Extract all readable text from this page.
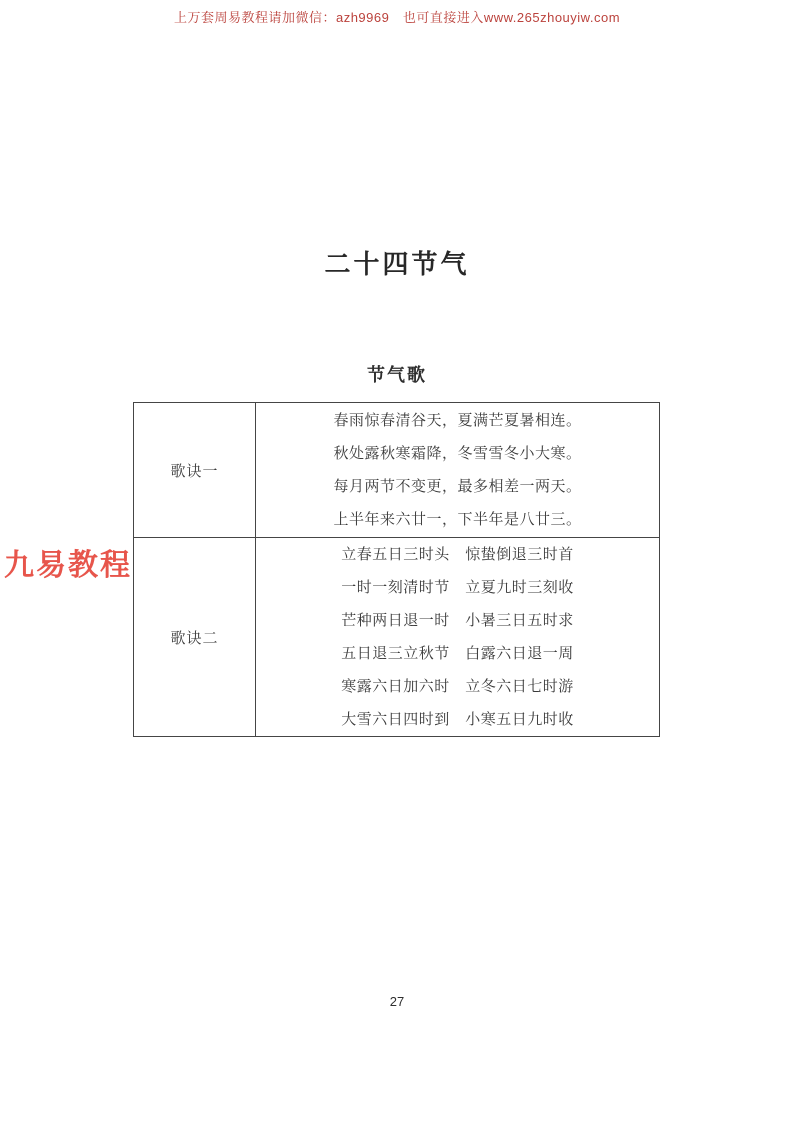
上万套周易教程请加微信：azh9969　也可直接进入www.265zhouyiw.com
二十四节气
节气歌
歌诀一

春雨惊春清谷天，夏满芒夏暑相连。

秋处露秋寒霜降，冬雪雪冬小大寒。

每月两节不变更，最多相差一两天。

上半年来六廿一，下半年是八廿三。

歌诀二

立春五日三时头　惊蛰倒退三时首

一时一刻清时节　立夏九时三刻收

芒种两日退一时　小暑三日五时求

五日退三立秋节　白露六日退一周

寒露六日加六时　立冬六日七时游

大雪六日四时到　小寒五日九时收

九易教程
27
